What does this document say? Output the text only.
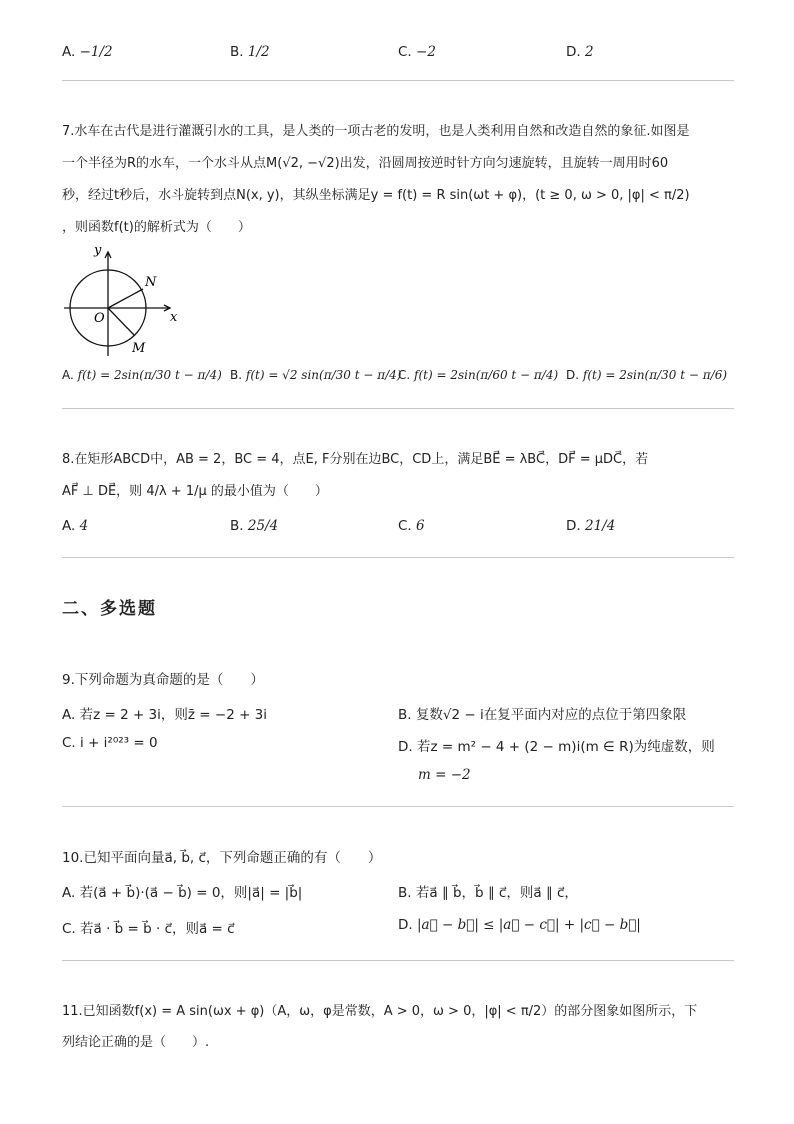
A. −1/2	B. 1/2	C. −2	D. 2
7.水车在古代是进行灌溉引水的工具，是人类的一项古老的发明，也是人类利用自然和改造自然的象征.如图是
一个半径为R的水车，一个水斗从点M(√2, −√2)出发，沿圆周按逆时针方向匀速旋转，且旋转一周用时60
秒，经过t秒后，水斗旋转到点N(x, y)，其纵坐标满足y = f(t) = R sin(ωt + φ)，(t ≥ 0, ω > 0, |φ| < π/2)
，则函数f(t)的解析式为（　　）
y
x
O
N
M
A. f(t) = 2sin(π/30 t − π/4) B. f(t) = √2 sin(π/30 t − π/4)
C. f(t) = 2sin(π/60 t − π/4) D. f(t) = 2sin(π/30 t − π/6)
8.在矩形ABCD中，AB = 2，BC = 4，点E, F分别在边BC，CD上，满足BE⃗ = λBC⃗，DF⃗ = μDC⃗，若
AF⃗ ⊥ DE⃗，则 4/λ + 1/μ 的最小值为（　　）
A. 4	B. 25/4	C. 6	D. 21/4
二、多选题
9.下列命题为真命题的是（　　）
A. 若z = 2 + 3i，则z̄ = −2 + 3i	B. 复数√2 − i在复平面内对应的点位于第四象限
C. i + i²⁰²³ = 0	D. 若z = m² − 4 + (2 − m)i(m ∈ R)为纯虚数，则
m = −2
10.已知平面向量a⃗, b⃗, c⃗，下列命题正确的有（　　）
A. 若(a⃗ + b⃗)·(a⃗ − b⃗) = 0，则|a⃗| = |b⃗|	B. 若a⃗ ∥ b⃗，b⃗ ∥ c⃗，则a⃗ ∥ c⃗，
C. 若a⃗ · b⃗ = b⃗ · c⃗，则a⃗ = c⃗	D. |a⃗ − b⃗| ≤ |a⃗ − c⃗| + |c⃗ − b⃗|
11.已知函数f(x) = A sin(ωx + φ)（A，ω，φ是常数，A > 0，ω > 0，|φ| < π/2）的部分图象如图所示，下
列结论正确的是（　　）.
